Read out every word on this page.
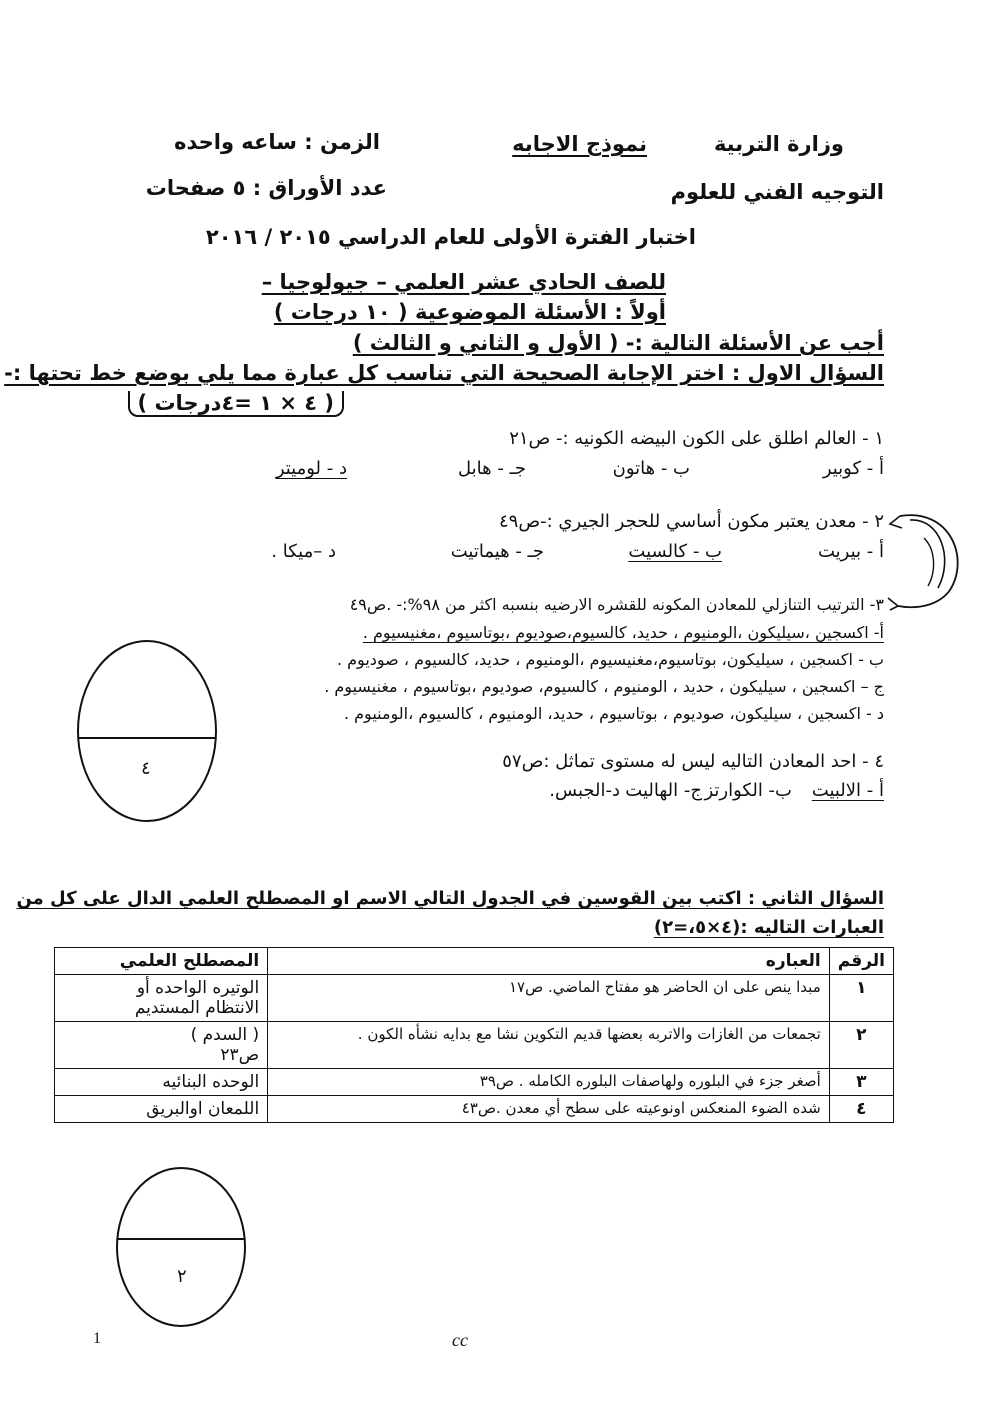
وزارة التربية
التوجيه الفني للعلوم
نموذج الاجابه
الزمن : ساعه واحده
عدد الأوراق : ٥ صفحات
اختبار الفترة الأولى للعام الدراسي ٢٠١٥ / ٢٠١٦
للصف الحادي عشر العلمي – جيولوجيا –
أولاً : الأسئلة الموضوعية ( ١٠ درجات )
أجب عن الأسئلة التالية :- ( الأول و الثاني و الثالث )
السؤال الاول : اختر الإجابة الصحيحة التي تناسب كل عبارة مما يلي بوضع خط تحتها :-
( ٤ × ١ =٤درجات )
١ - العالم اطلق على الكون البيضه الكونيه :- ص٢١
أ - كوبير
ب - هاتون
جـ - هابل
د - لوميتر
٢ - معدن يعتبر مكون أساسي للحجر الجيري :-ص٤٩
أ - بيريت
ب - كالسيت
جـ - هيماتيت
د –ميكا .
٣- الترتيب التنازلي للمعادن المكونه للقشره الارضيه بنسبه اكثر من ٩٨%:- .ص٤٩
أ- اكسجين ،سيليكون ،الومنيوم ، حديد، كالسيوم،صوديوم ،بوتاسيوم ،مغنيسيوم .
ب - اكسجين ، سيليكون، بوتاسيوم،مغنيسيوم ،الومنيوم ، حديد، كالسيوم ، صوديوم .
ج – اكسجين ، سيليكون ، حديد ، الومنيوم ، كالسيوم، صوديوم ،بوتاسيوم ، مغنيسيوم .
د - اكسجين ، سيليكون، صوديوم ، بوتاسيوم ، حديد، الومنيوم ، كالسيوم ،الومنيوم .
٤	٤ - احد المعادن التاليه ليس له مستوى تماثل :ص٥٧
أ - الالبيت
ب- الكوارتز
ج- الهاليت
د-الجبس.
السؤال الثاني : اكتب بين القوسين في الجدول التالي الاسم او المصطلح العلمي الدال على كل من
العبارات التاليه :(٤×٥،=٢)
الرقم	العباره	المصطلح العلمي
١	مبدا ينص على ان الحاضر هو مفتاح الماضي. ص١٧	الوتيره الواحده أو
الانتظام المستديم

٢	تجمعات من الغازات والاتربه بعضها قديم التكوين نشا مع بدايه نشأه الكون .	( السدم )
ص٢٣

٣	أصغر جزء في البلوره ولهاصفات البلوره الكامله . ص٣٩	الوحده البنائيه

٤	شده الضوء المنعكس اونوعيته على سطح أي معدن .ص٤٣	اللمعان اوالبريق
٢
1	cc
